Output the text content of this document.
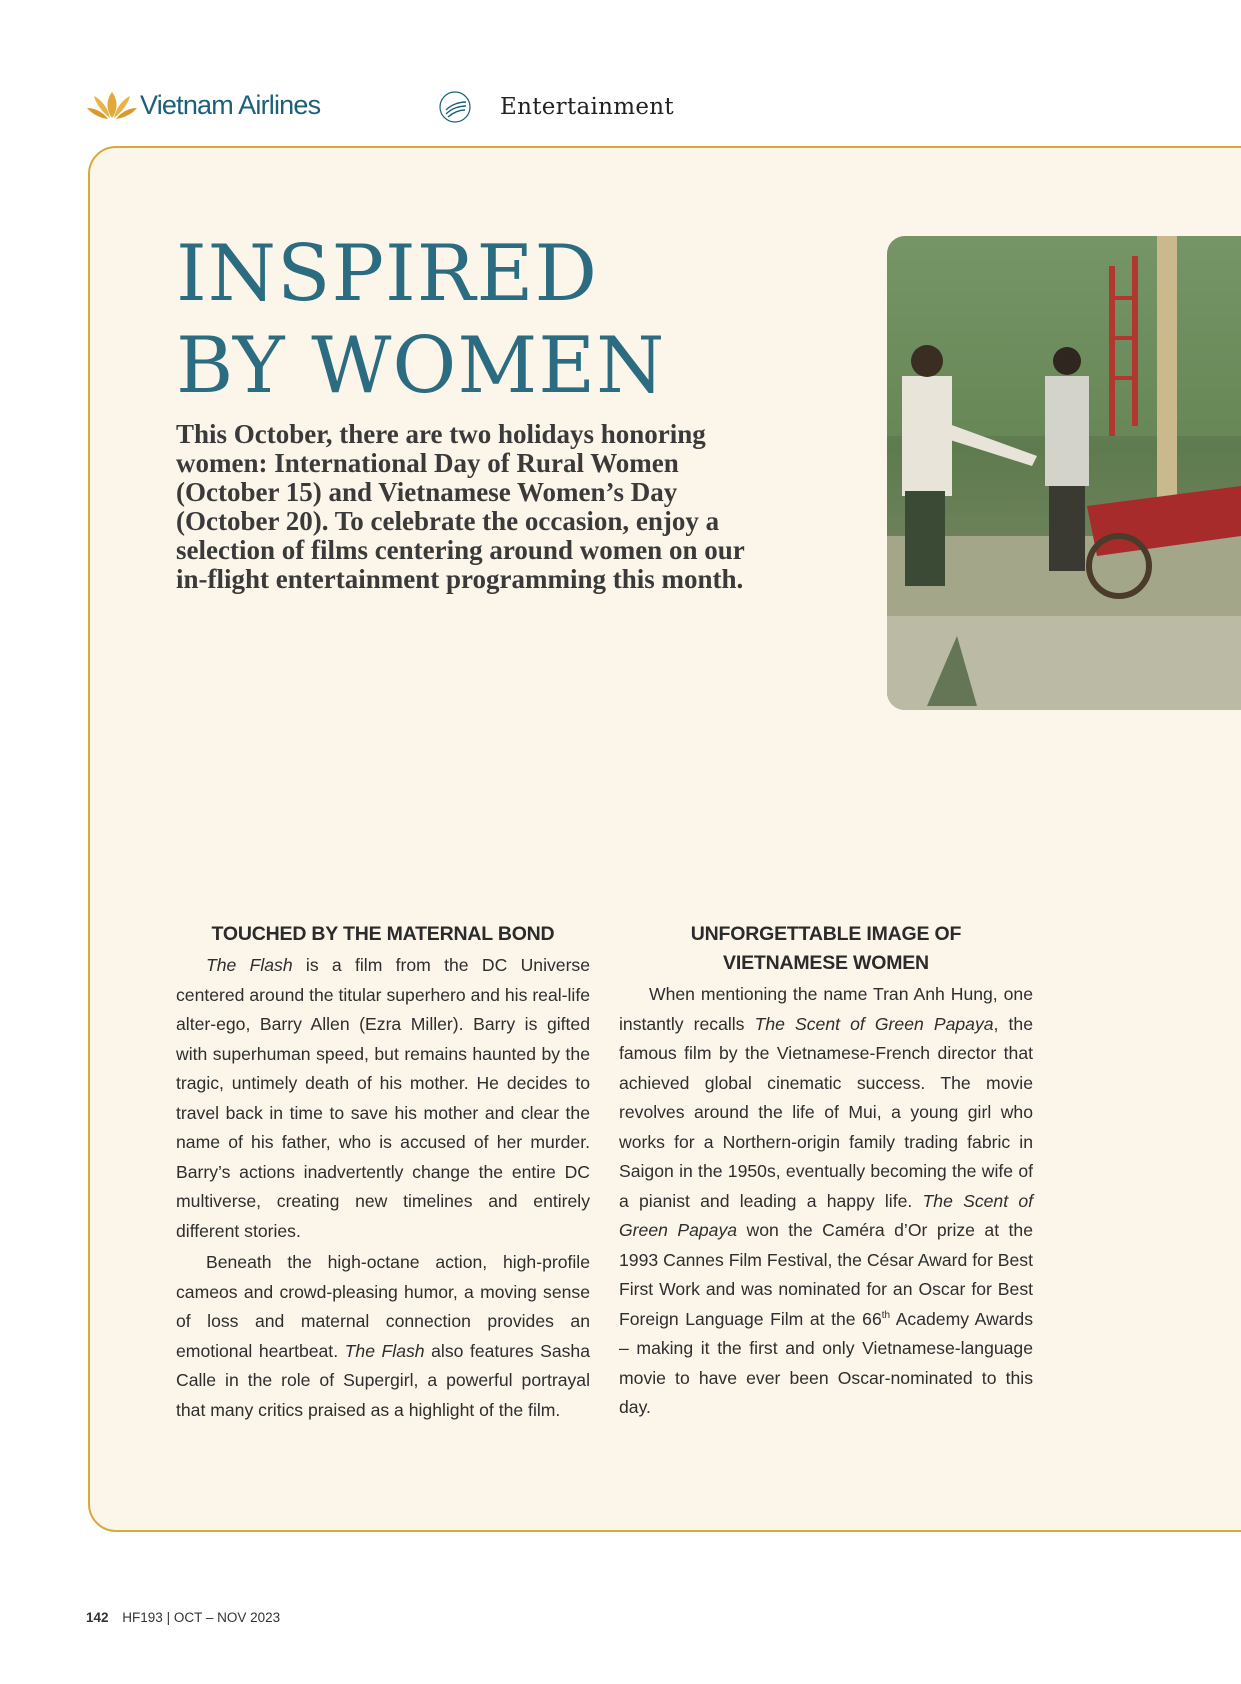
Vietnam Airlines	Entertainment
INSPIRED
BY WOMEN

This October, there are two holidays honoring women: International Day of Rural Women (October 15) and Vietnamese Women’s Day (October 20). To celebrate the occasion, enjoy a selection of films centering around women on our in-flight entertainment programming this month.

TOUCHED BY THE MATERNAL BOND

The Flash is a film from the DC Universe centered around the titular superhero and his real-life alter-ego, Barry Allen (Ezra Miller). Barry is gifted with superhuman speed, but remains haunted by the tragic, untimely death of his mother. He decides to travel back in time to save his mother and clear the name of his father, who is accused of her murder. Barry’s actions inadvertently change the entire DC multiverse, creating new timelines and entirely different stories.

Beneath the high-octane action, high-profile cameos and crowd-pleasing humor, a moving sense of loss and maternal connection provides an emotional heartbeat. The Flash also features Sasha Calle in the role of Supergirl, a powerful portrayal that many critics praised as a highlight of the film.

UNFORGETTABLE IMAGE OF
VIETNAMESE WOMEN

When mentioning the name Tran Anh Hung, one instantly recalls The Scent of Green Papaya, the famous film by the Vietnamese-French director that achieved global cinematic success. The movie revolves around the life of Mui, a young girl who works for a Northern-origin family trading fabric in Saigon in the 1950s, eventually becoming the wife of a pianist and leading a happy life. The Scent of Green Papaya won the Caméra d’Or prize at the 1993 Cannes Film Festival, the César Award for Best First Work and was nominated for an Oscar for Best Foreign Language Film at the 66th Academy Awards – making it the first and only Vietnamese-language movie to have ever been Oscar-nominated to this day.

142 HF193 | OCT – NOV 2023
